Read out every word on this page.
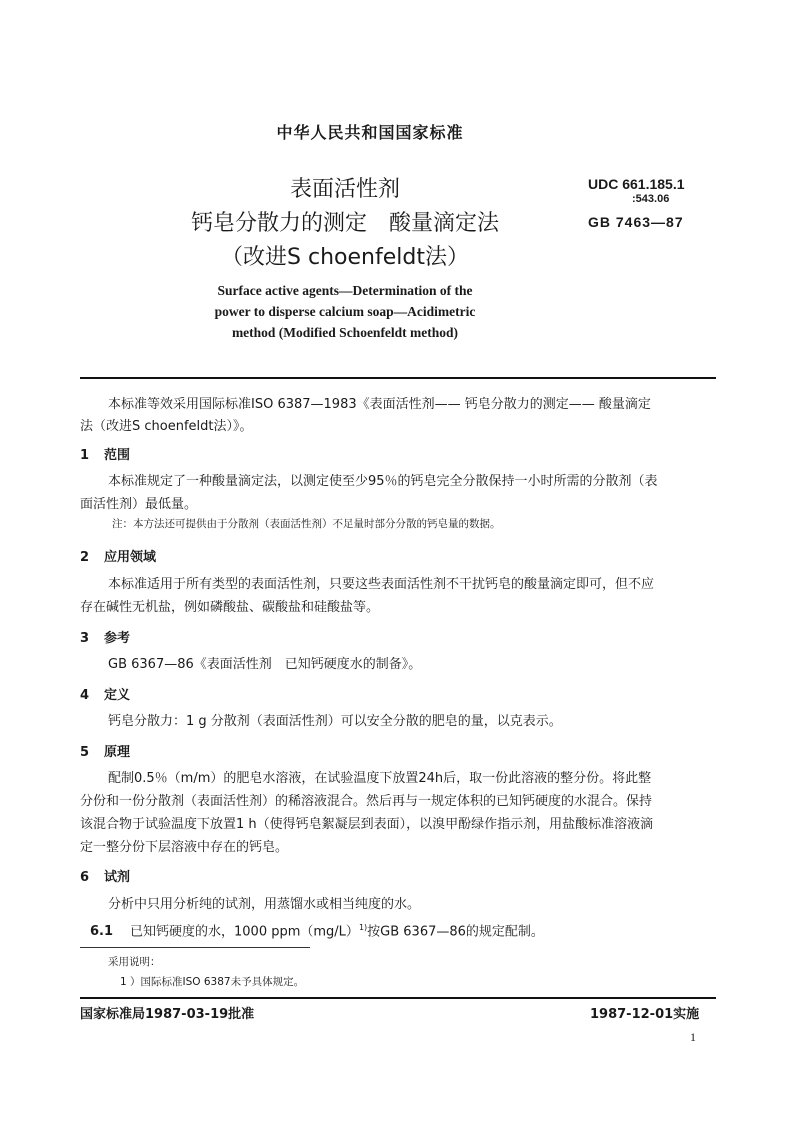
中华人民共和国国家标准
表面活性剂
钙皂分散力的测定　酸量滴定法
（改进S choenfeldt法）
UDC 661.185.1
:543.06
GB 7463—87
Surface active agents—Determination of the
power to disperse calcium soap—Acidimetric
method (Modified Schoenfeldt method)
本标准等效采用国际标准ISO 6387—1983《表面活性剂—— 钙皂分散力的测定—— 酸量滴定
法（改进S choenfeldt法）》。
1 范围
本标准规定了一种酸量滴定法，以测定使至少95％的钙皂完全分散保持一小时所需的分散剂（表
面活性剂）最低量。
注：本方法还可提供由于分散剂（表面活性剂）不足量时部分分散的钙皂量的数据。
2 应用领域
本标准适用于所有类型的表面活性剂，只要这些表面活性剂不干扰钙皂的酸量滴定即可，但不应
存在碱性无机盐，例如磷酸盐、碳酸盐和硅酸盐等。
3 参考
GB 6367—86《表面活性剂　已知钙硬度水的制备》。
4 定义
钙皂分散力：1 g 分散剂（表面活性剂）可以安全分散的肥皂的量，以克表示。
5 原理
配制0.5％（m/m）的肥皂水溶液，在试验温度下放置24h后，取一份此溶液的整分份。将此整
分份和一份分散剂（表面活性剂）的稀溶液混合。然后再与一规定体积的已知钙硬度的水混合。保持
该混合物于试验温度下放置1 h（使得钙皂絮凝层到表面），以溴甲酚绿作指示剂，用盐酸标准溶液滴
定一整分份下层溶液中存在的钙皂。
6 试剂
分析中只用分析纯的试剂，用蒸馏水或相当纯度的水。
6.1 已知钙硬度的水，1000 $ppm(mg/L)^{1)}$按GB 6367—86的规定配制。
采用说明：
1 ）国际标准ISO 6387未予具体规定。
国家标准局1987-03-19批准	1987-12-01实施
1
